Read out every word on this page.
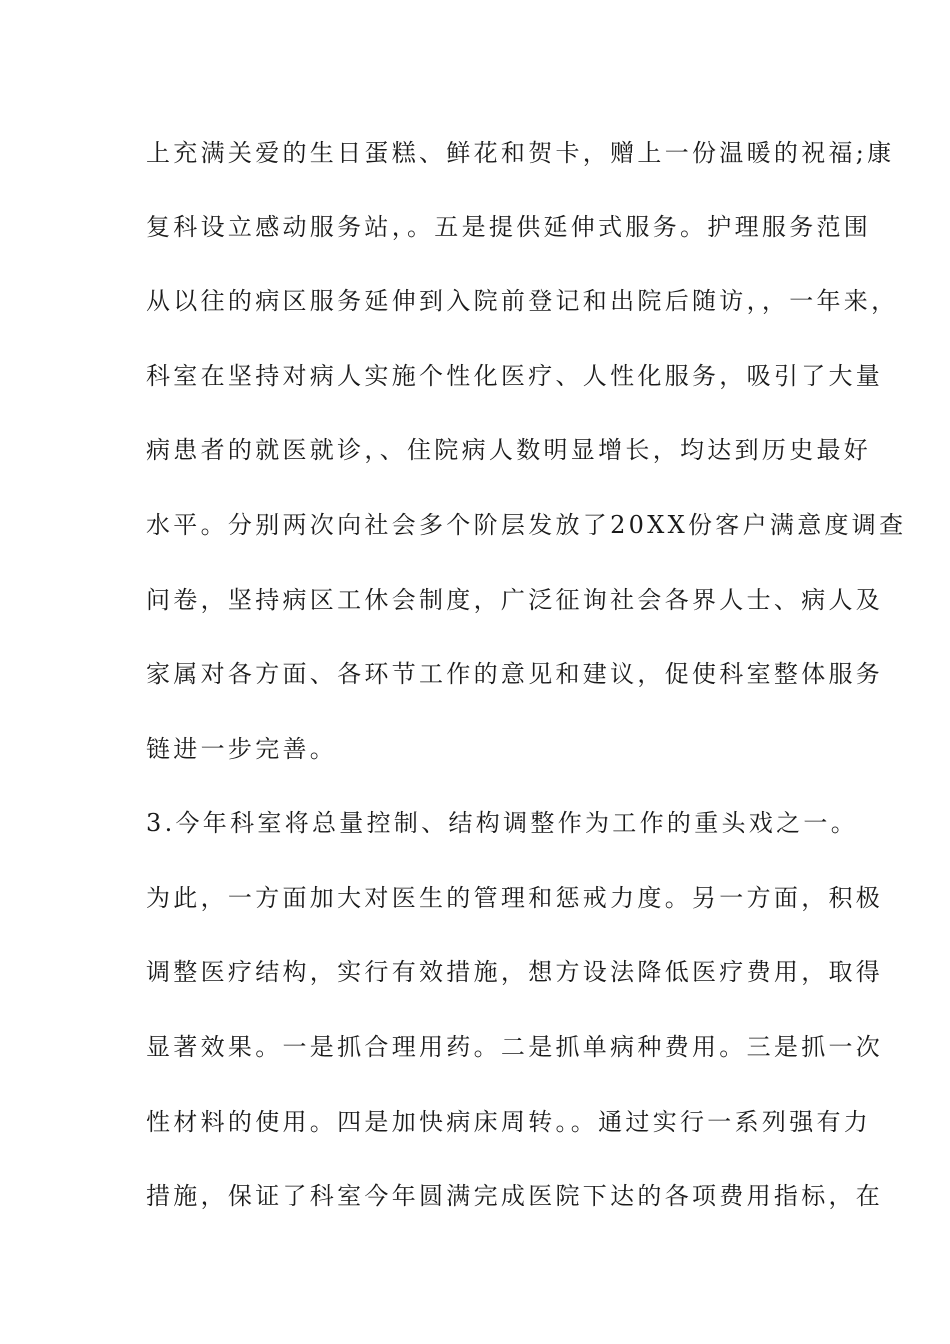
上充满关爱的生日蛋糕、鲜花和贺卡，赠上一份温暖的祝福;康
复科设立感动服务站，。五是提供延伸式服务。护理服务范围
从以往的病区服务延伸到入院前登记和出院后随访，，一年来，
科室在坚持对病人实施个性化医疗、人性化服务，吸引了大量
病患者的就医就诊，、住院病人数明显增长，均达到历史最好
水平。分别两次向社会多个阶层发放了20XX份客户满意度调查
问卷，坚持病区工休会制度，广泛征询社会各界人士、病人及
家属对各方面、各环节工作的意见和建议，促使科室整体服务
链进一步完善。
3.今年科室将总量控制、结构调整作为工作的重头戏之一。
为此，一方面加大对医生的管理和惩戒力度。另一方面，积极
调整医疗结构，实行有效措施，想方设法降低医疗费用，取得
显著效果。一是抓合理用药。二是抓单病种费用。三是抓一次
性材料的使用。四是加快病床周转。。通过实行一系列强有力
措施，保证了科室今年圆满完成医院下达的各项费用指标，在
